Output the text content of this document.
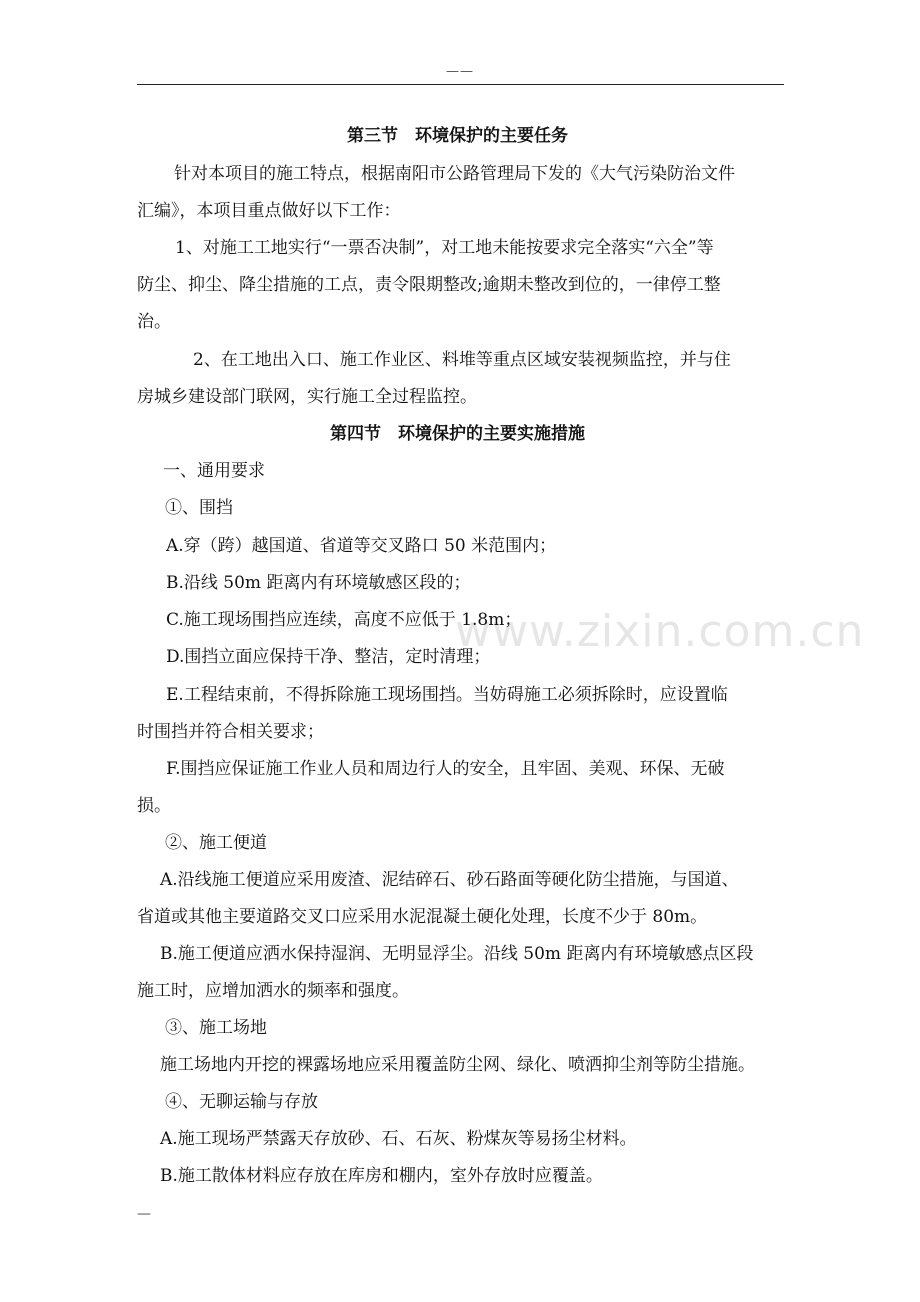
——
www.zixin.com.cn
第三节　环境保护的主要任务
针对本项目的施工特点，根据南阳市公路管理局下发的《大气污染防治文件
汇编》，本项目重点做好以下工作：
1、对施工工地实行“一票否决制”，对工地未能按要求完全落实“六全”等
防尘、抑尘、降尘措施的工点，责令限期整改;逾期未整改到位的，一律停工整
治。
2、在工地出入口、施工作业区、料堆等重点区域安装视频监控，并与住
房城乡建设部门联网，实行施工全过程监控。
第四节　环境保护的主要实施措施
一、通用要求
①、围挡
A.穿（跨）越国道、省道等交叉路口 50 米范围内；
B.沿线 50m 距离内有环境敏感区段的；
C.施工现场围挡应连续，高度不应低于 1.8m；
D.围挡立面应保持干净、整洁，定时清理；
E.工程结束前，不得拆除施工现场围挡。当妨碍施工必须拆除时，应设置临
时围挡并符合相关要求；
F.围挡应保证施工作业人员和周边行人的安全，且牢固、美观、环保、无破
损。
②、施工便道
A.沿线施工便道应采用废渣、泥结碎石、砂石路面等硬化防尘措施，与国道、
省道或其他主要道路交叉口应采用水泥混凝土硬化处理，长度不少于 80m。
B.施工便道应洒水保持湿润、无明显浮尘。沿线 50m 距离内有环境敏感点区段
施工时，应增加洒水的频率和强度。
③、施工场地
施工场地内开挖的裸露场地应采用覆盖防尘网、绿化、喷洒抑尘剂等防尘措施。
④、无聊运输与存放
A.施工现场严禁露天存放砂、石、石灰、粉煤灰等易扬尘材料。
B.施工散体材料应存放在库房和棚内，室外存放时应覆盖。
—
